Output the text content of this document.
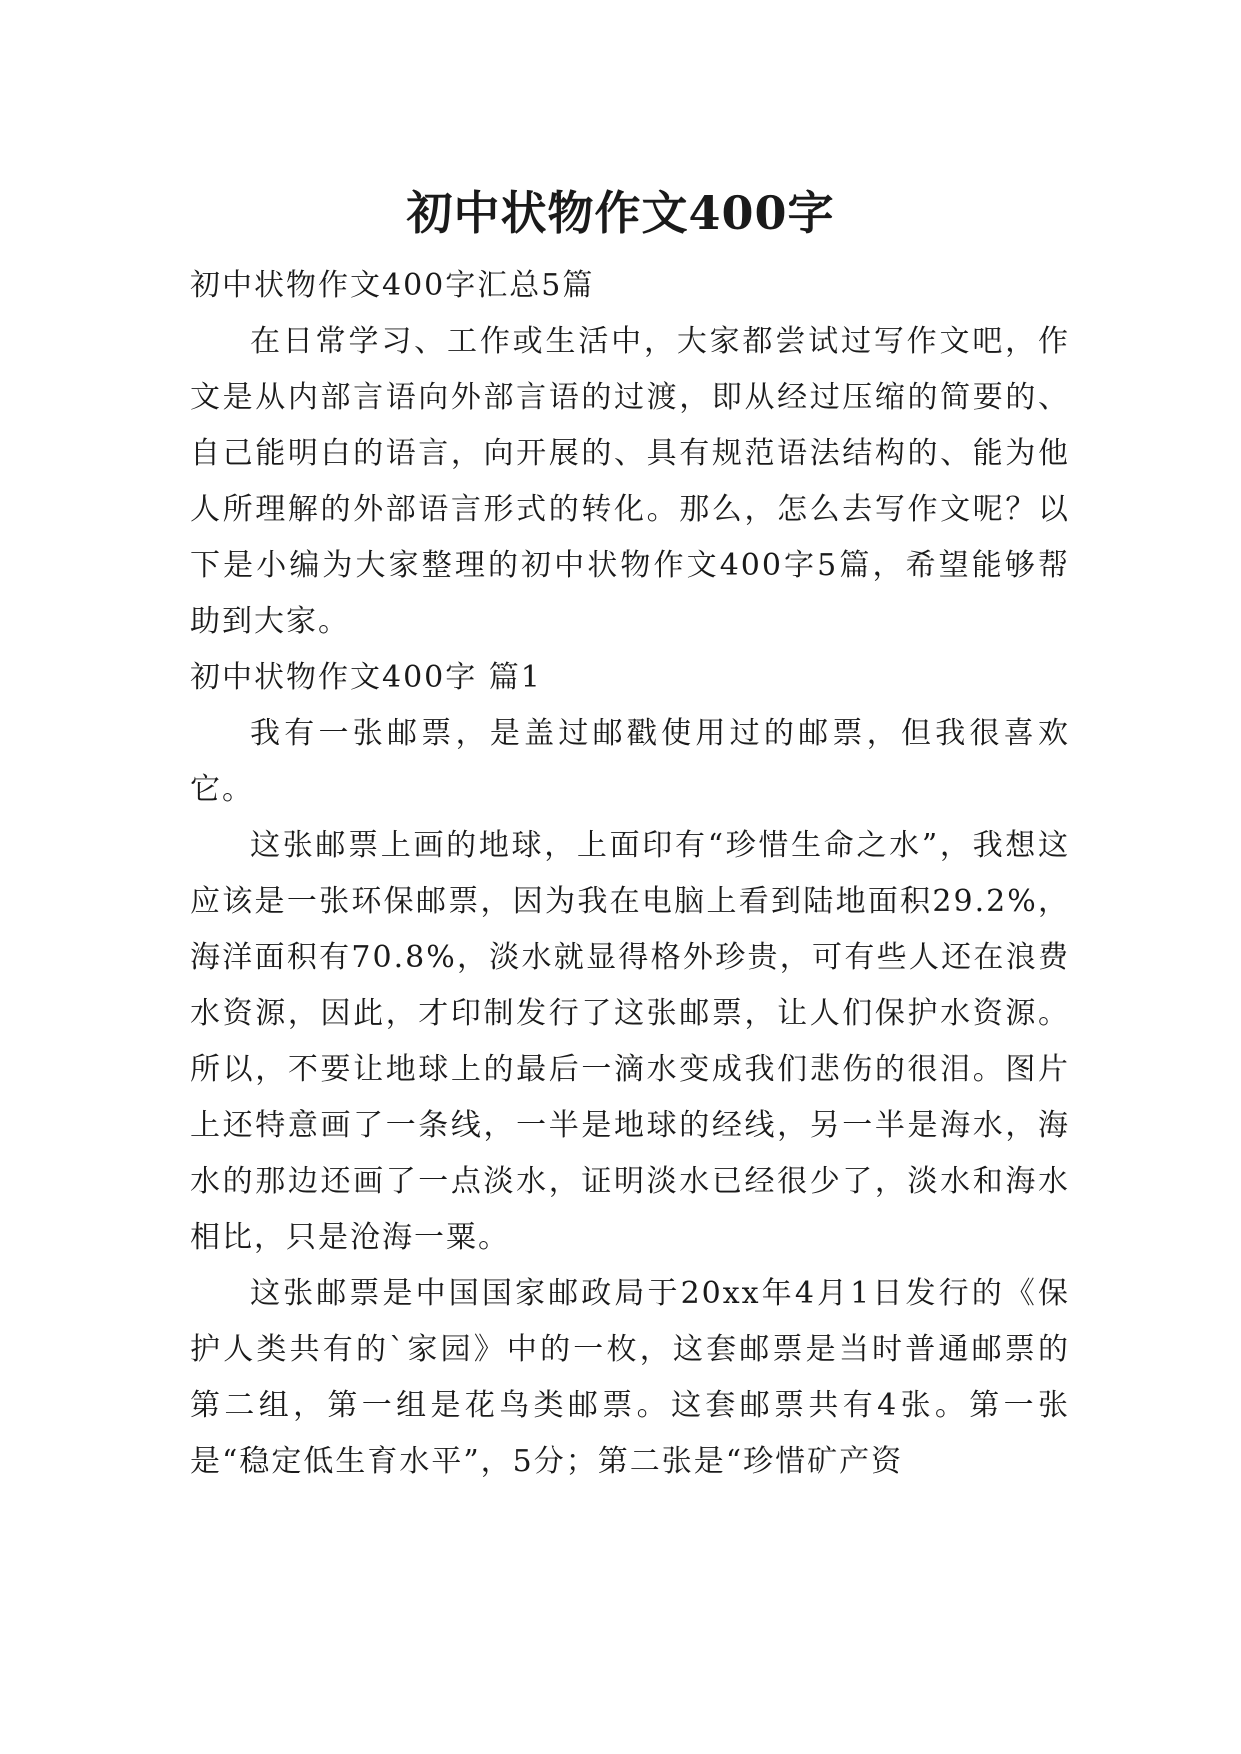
初中状物作文400字

初中状物作文400字汇总5篇

在日常学习、工作或生活中，大家都尝试过写作文吧，作文是从内部言语向外部言语的过渡，即从经过压缩的简要的、自己能明白的语言，向开展的、具有规范语法结构的、能为他人所理解的外部语言形式的转化。那么，怎么去写作文呢？以下是小编为大家整理的初中状物作文400字5篇，希望能够帮助到大家。

初中状物作文400字 篇1

我有一张邮票，是盖过邮戳使用过的邮票，但我很喜欢它。

这张邮票上画的地球，上面印有“珍惜生命之水”，我想这应该是一张环保邮票，因为我在电脑上看到陆地面积29.2%，海洋面积有70.8%，淡水就显得格外珍贵，可有些人还在浪费水资源，因此，才印制发行了这张邮票，让人们保护水资源。所以，不要让地球上的最后一滴水变成我们悲伤的很泪。图片上还特意画了一条线，一半是地球的经线，另一半是海水，海水的那边还画了一点淡水，证明淡水已经很少了，淡水和海水相比，只是沧海一粟。

这张邮票是中国国家邮政局于20xx年4月1日发行的《保护人类共有的`家园》中的一枚，这套邮票是当时普通邮票的第二组，第一组是花鸟类邮票。这套邮票共有4张。第一张是“稳定低生育水平”，5分；第二张是“珍惜矿产资
